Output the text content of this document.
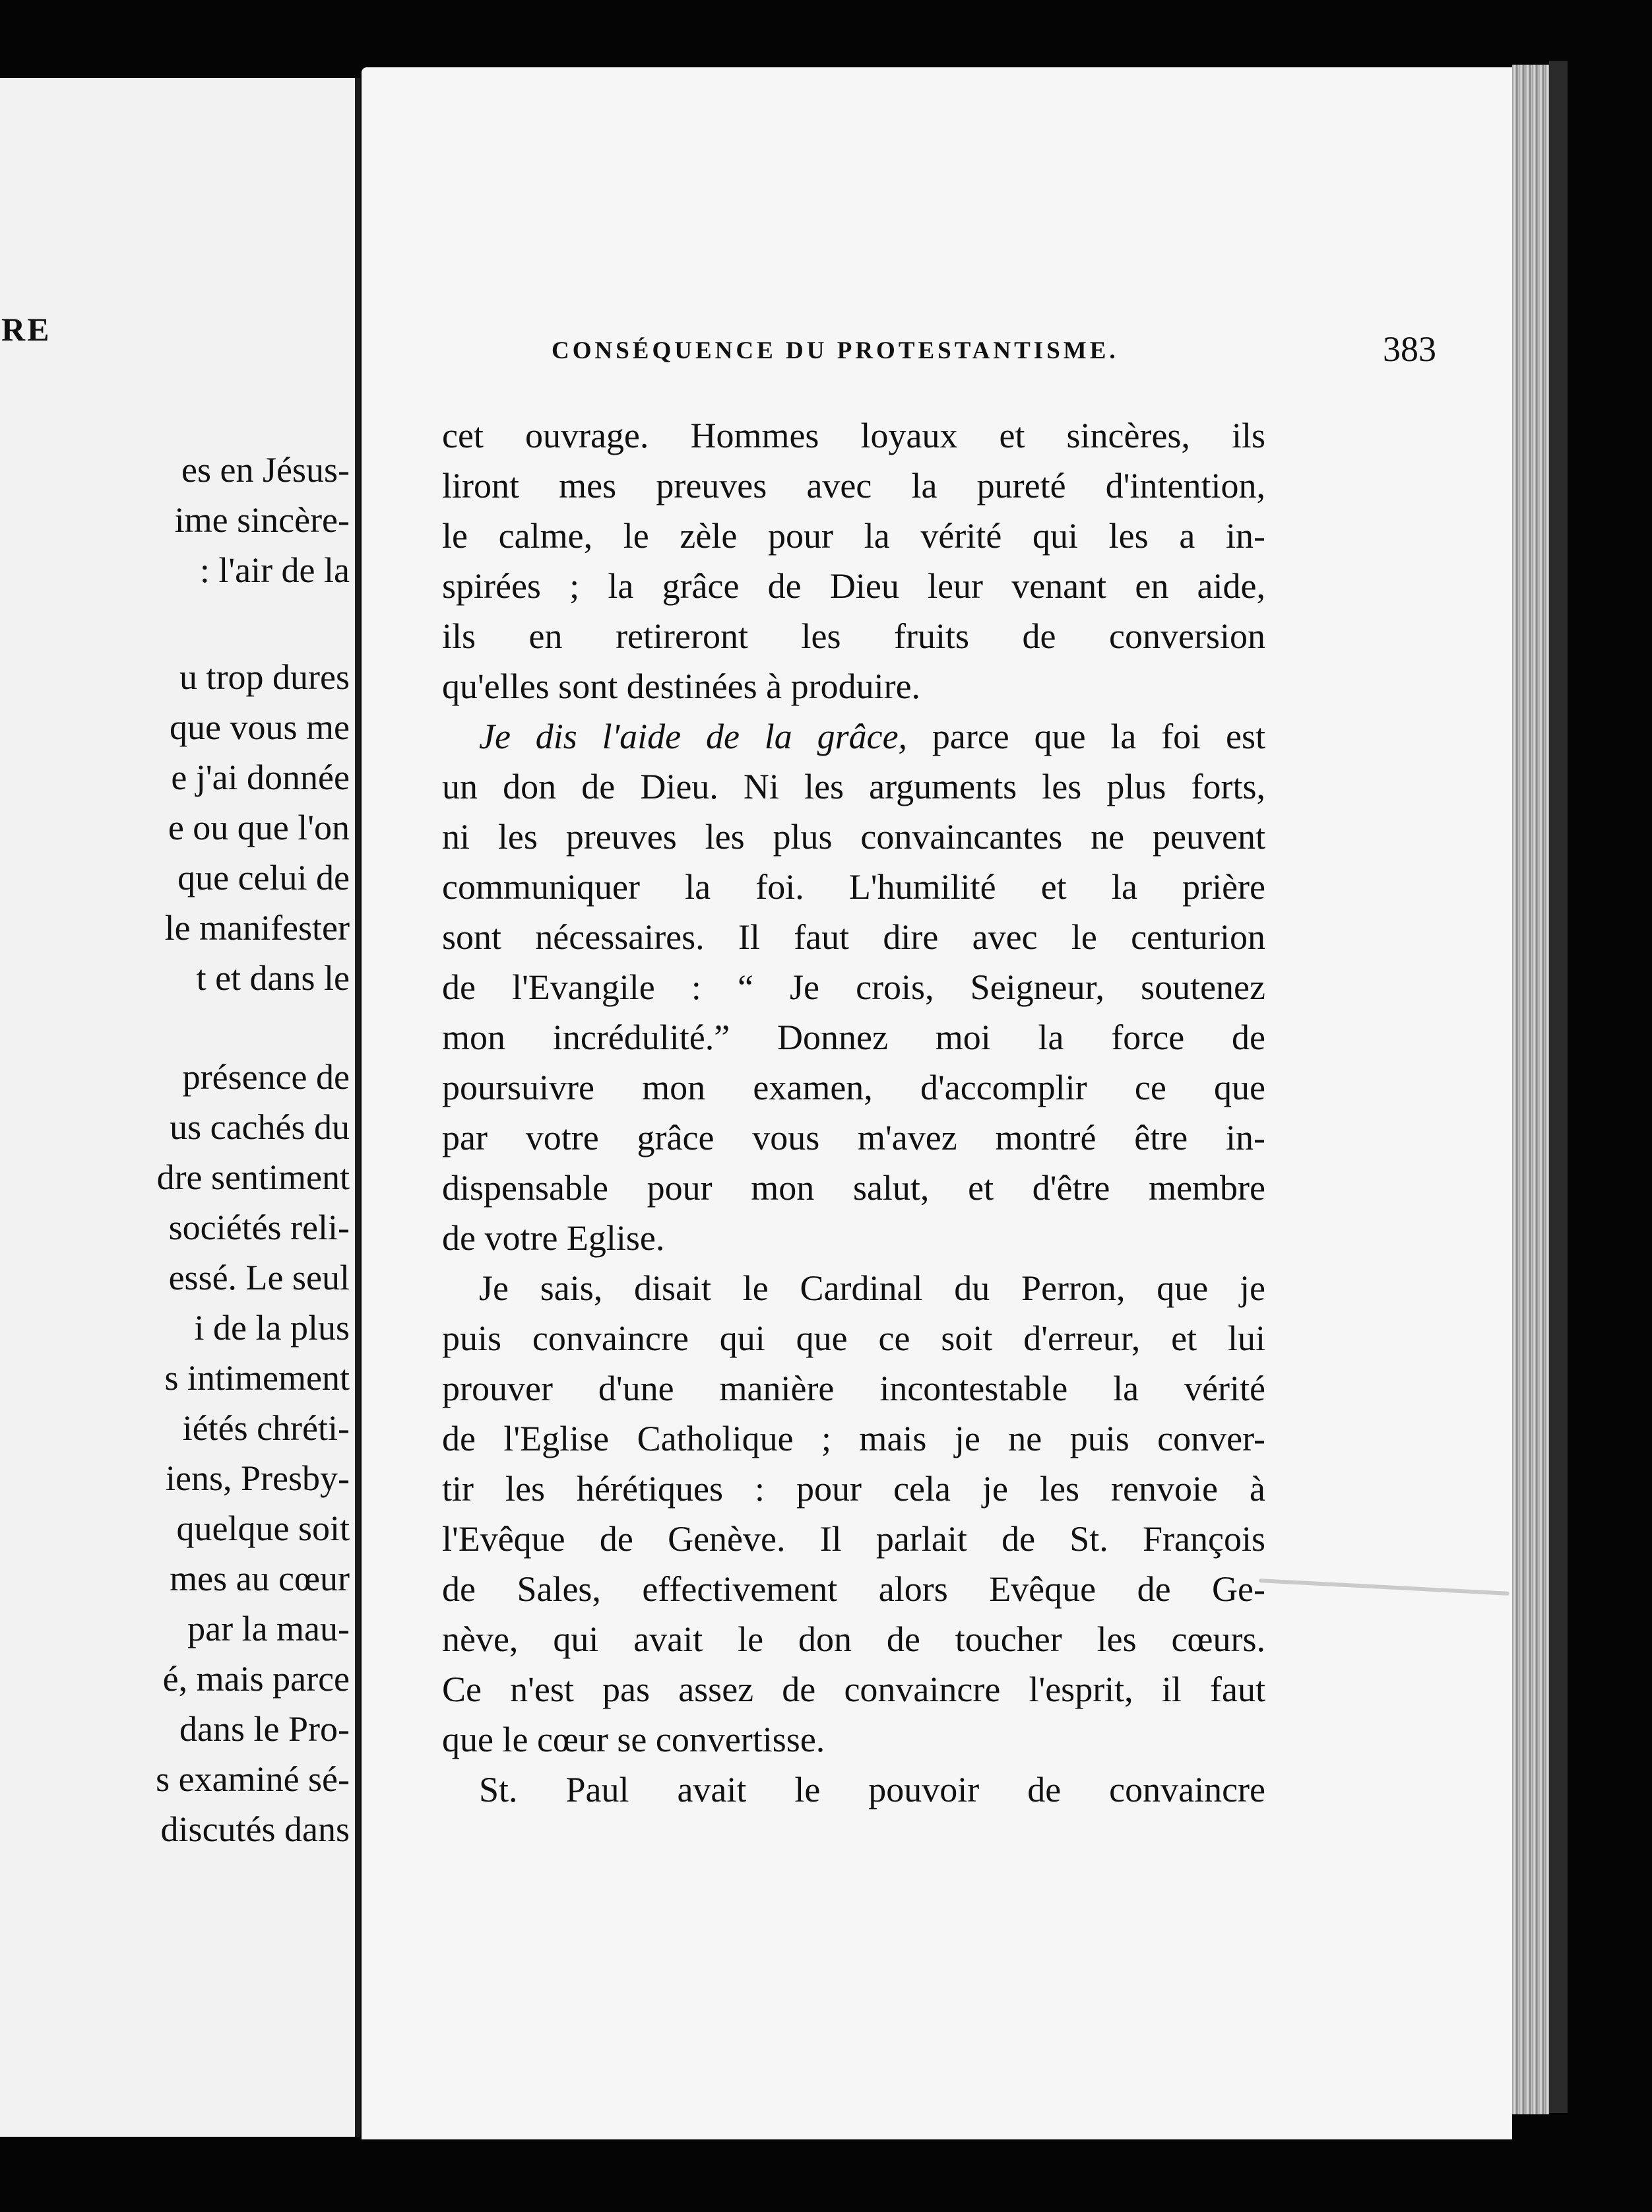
RE
es en Jésus-
ime sincère-
: l'air de la
u trop dures
que vous me
e j'ai donnée
e ou que l'on
que celui de
le manifester
t et dans le
présence de
us cachés du
dre sentiment
sociétés reli-
essé. Le seul
i de la plus
s intimement
iétés chréti-
iens, Presby-
quelque soit
mes au cœur
par la mau-
é, mais parce
dans le Pro-
s examiné sé-
discutés dans
CONSÉQUENCE DU PROTESTANTISME.	383
cet ouvrage. Hommes loyaux et sincères, ils
liront mes preuves avec la pureté d'intention,
le calme, le zèle pour la vérité qui les a in-
spirées ; la grâce de Dieu leur venant en aide,
ils en retireront les fruits de conversion
qu'elles sont destinées à produire.
Je dis l'aide de la grâce, parce que la foi est
un don de Dieu. Ni les arguments les plus forts,
ni les preuves les plus convaincantes ne peuvent
communiquer la foi. L'humilité et la prière
sont nécessaires. Il faut dire avec le centurion
de l'Evangile : “ Je crois, Seigneur, soutenez
mon incrédulité.” Donnez moi la force de
poursuivre mon examen, d'accomplir ce que
par votre grâce vous m'avez montré être in-
dispensable pour mon salut, et d'être membre
de votre Eglise.
Je sais, disait le Cardinal du Perron, que je
puis convaincre qui que ce soit d'erreur, et lui
prouver d'une manière incontestable la vérité
de l'Eglise Catholique ; mais je ne puis conver-
tir les hérétiques : pour cela je les renvoie à
l'Evêque de Genève. Il parlait de St. François
de Sales, effectivement alors Evêque de Ge-
nève, qui avait le don de toucher les cœurs.
Ce n'est pas assez de convaincre l'esprit, il faut
que le cœur se convertisse.
St. Paul avait le pouvoir de convaincre
